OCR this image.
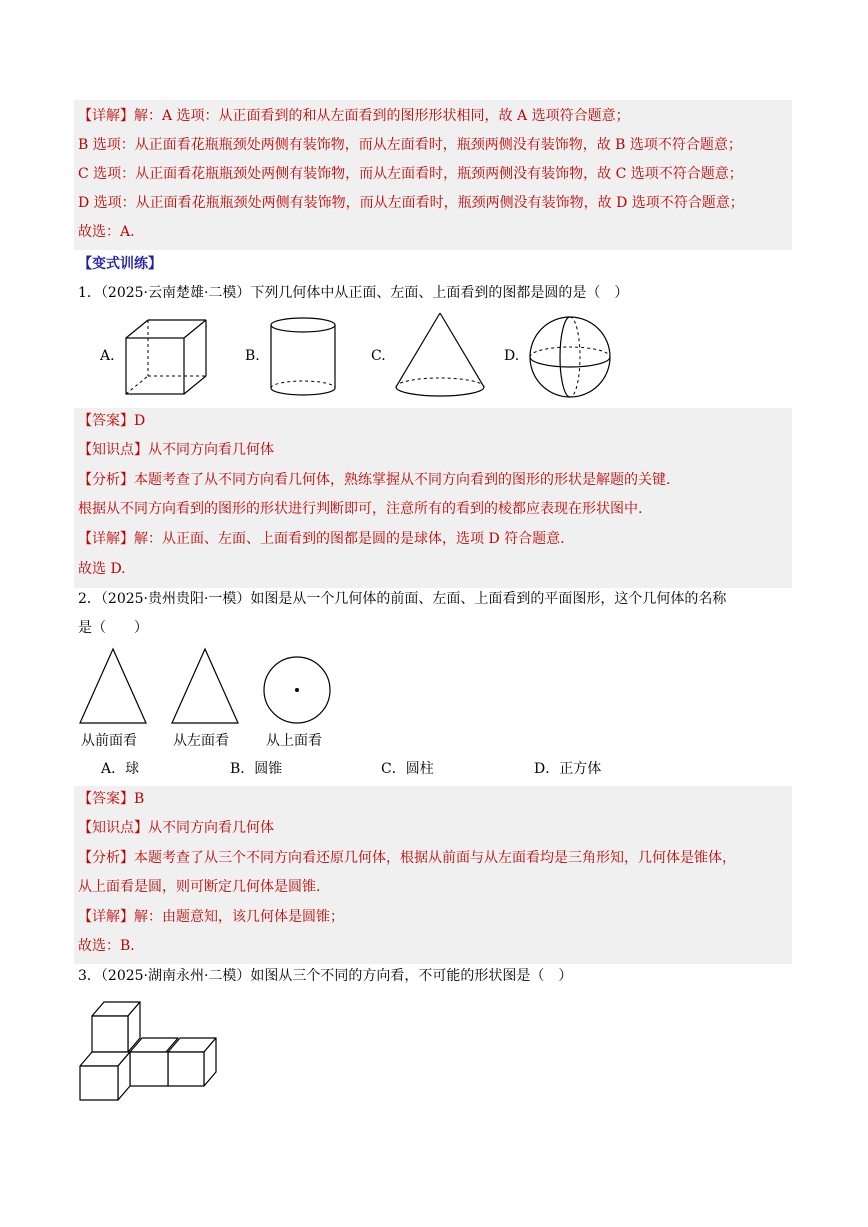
【详解】解：A 选项：从正面看到的和从左面看到的图形形状相同，故 A 选项符合题意；
B 选项：从正面看花瓶瓶颈处两侧有装饰物，而从左面看时，瓶颈两侧没有装饰物，故 B 选项不符合题意；
C 选项：从正面看花瓶瓶颈处两侧有装饰物，而从左面看时，瓶颈两侧没有装饰物，故 C 选项不符合题意；
D 选项：从正面看花瓶瓶颈处两侧有装饰物，而从左面看时，瓶颈两侧没有装饰物，故 D 选项不符合题意；
故选：A.
【变式训练】
1．（2025·云南楚雄·二模）下列几何体中从正面、左面、上面看到的图都是圆的是（　）
A.	B.	C.	D.
【答案】D
【知识点】从不同方向看几何体
【分析】本题考查了从不同方向看几何体，熟练掌握从不同方向看到的图形的形状是解题的关键.
根据从不同方向看到的图形的形状进行判断即可，注意所有的看到的棱都应表现在形状图中.
【详解】解：从正面、左面、上面看到的图都是圆的是球体，选项 D 符合题意.
故选 D.
2．（2025·贵州贵阳·一模）如图是从一个几何体的前面、左面、上面看到的平面图形，这个几何体的名称
是（　　）
从前面看	从左面看	从上面看
A．球	B．圆锥	C．圆柱	D．正方体
【答案】B
【知识点】从不同方向看几何体
【分析】本题考查了从三个不同方向看还原几何体，根据从前面与从左面看均是三角形知，几何体是锥体，
从上面看是圆，则可断定几何体是圆锥.
【详解】解：由题意知，该几何体是圆锥；
故选：B.
3．（2025·湖南永州·二模）如图从三个不同的方向看，不可能的形状图是（　）
